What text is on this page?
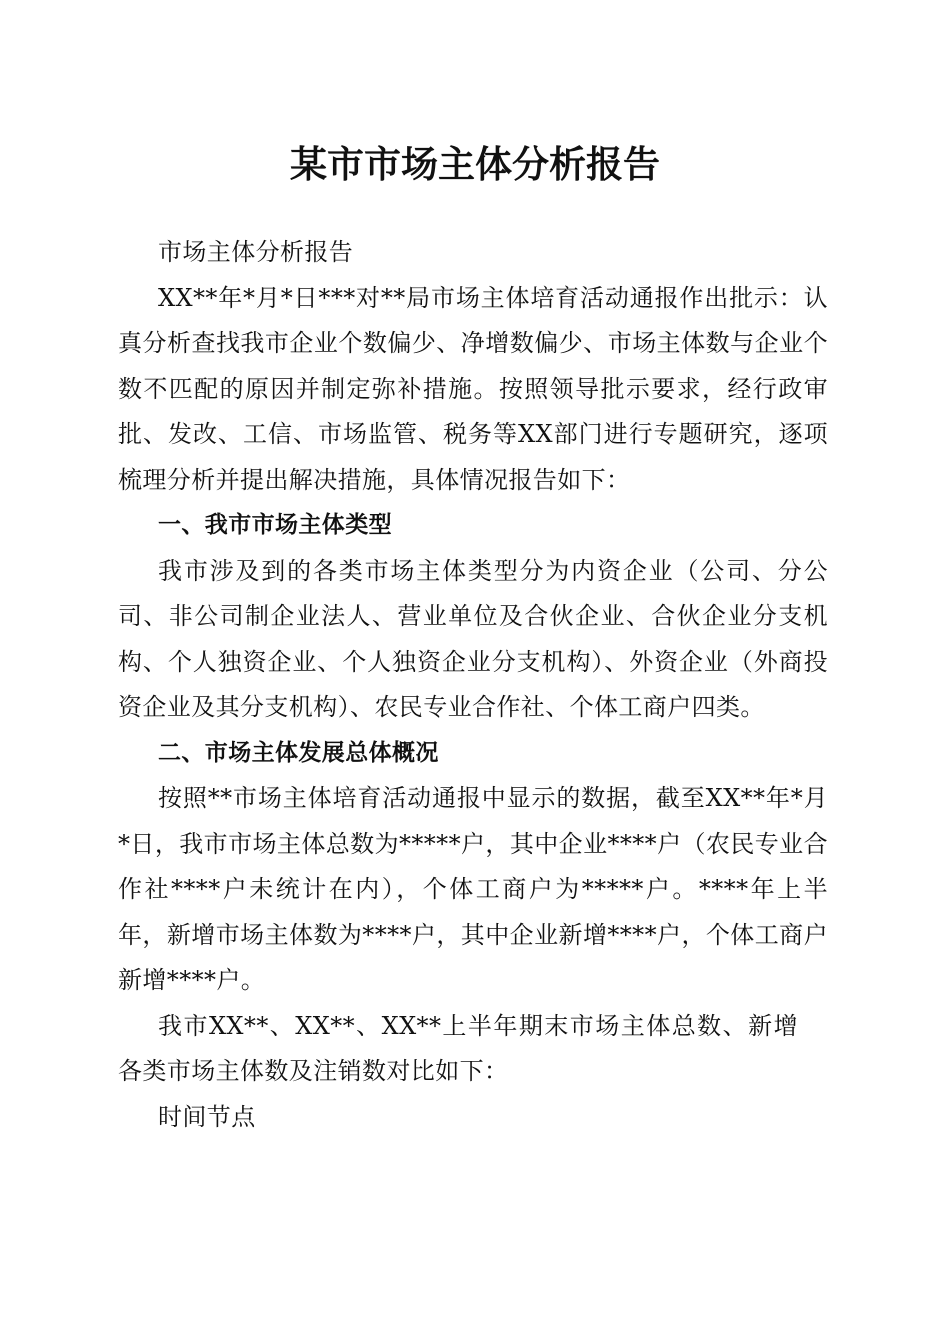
某市市场主体分析报告

市场主体分析报告

XX**年*月*日***对**局市场主体培育活动通报作出批示：认真分析查找我市企业个数偏少、净增数偏少、市场主体数与企业个数不匹配的原因并制定弥补措施。按照领导批示要求，经行政审批、发改、工信、市场监管、税务等XX部门进行专题研究，逐项梳理分析并提出解决措施，具体情况报告如下：

一、我市市场主体类型

我市涉及到的各类市场主体类型分为内资企业（公司、分公司、非公司制企业法人、营业单位及合伙企业、合伙企业分支机构、个人独资企业、个人独资企业分支机构）、外资企业（外商投资企业及其分支机构）、农民专业合作社、个体工商户四类。

二、市场主体发展总体概况

按照**市场主体培育活动通报中显示的数据，截至XX**年*月*日，我市市场主体总数为*****户，其中企业****户（农民专业合作社****户未统计在内），个体工商户为*****户。****年上半年，新增市场主体数为****户，其中企业新增****户，个体工商户新增****户。

我市XX**、XX**、XX**上半年期末市场主体总数、新增各类市场主体数及注销数对比如下：

时间节点
